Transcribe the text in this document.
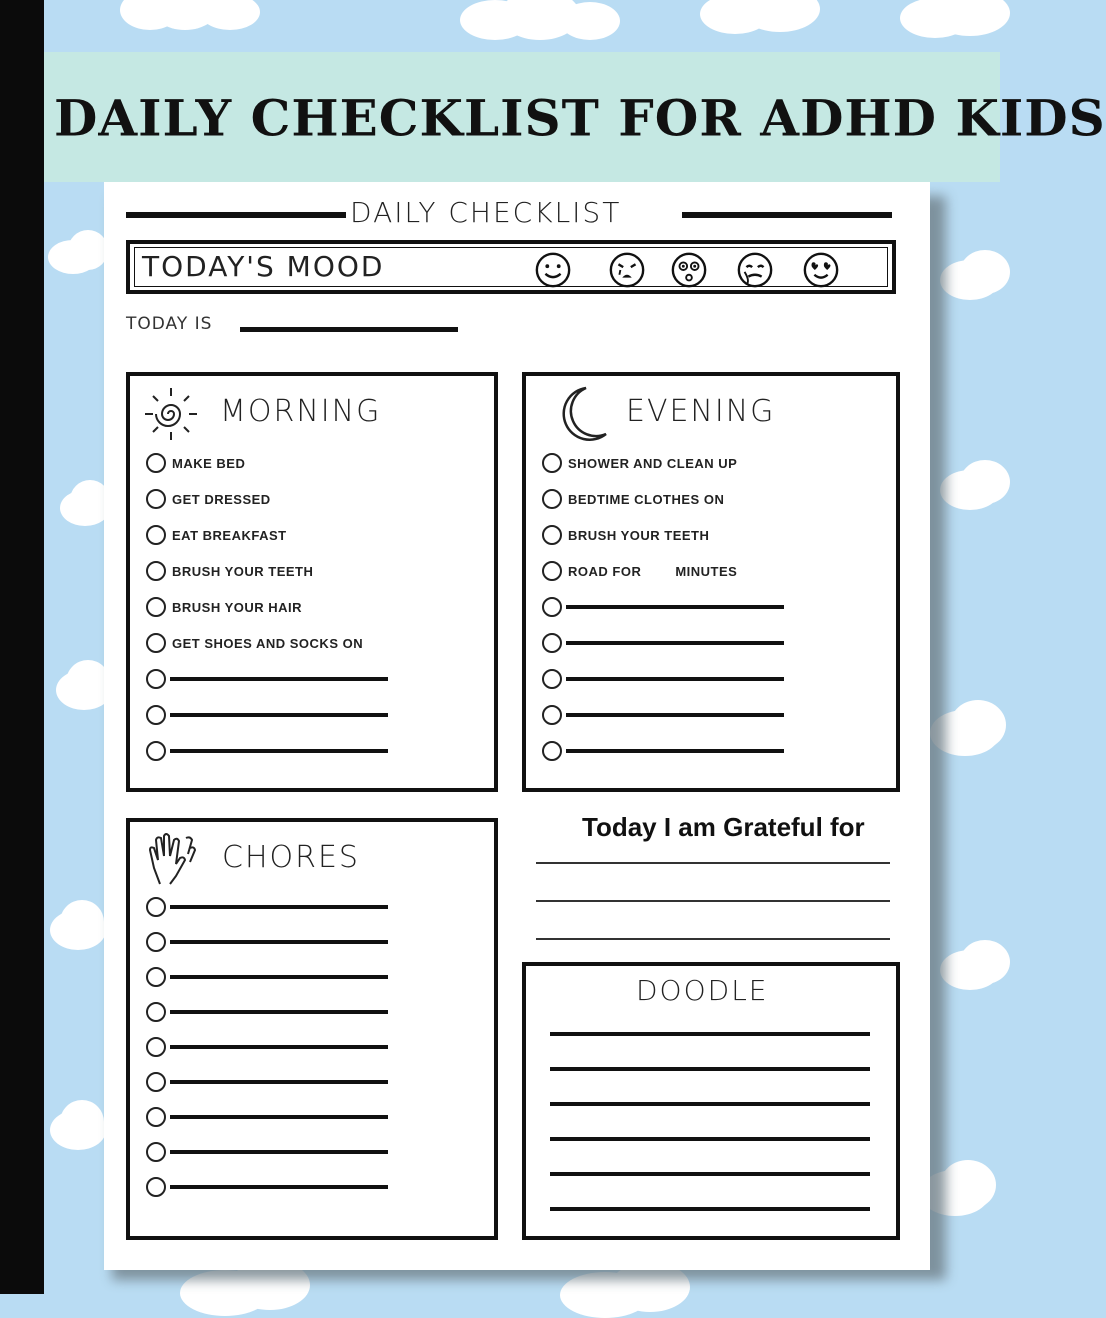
DAILY CHECKLIST FOR ADHD KIDS
DAILY CHECKLIST
TODAY'S MOOD
TODAY IS
MORNING
MAKE BED
GET DRESSED
EAT BREAKFAST
BRUSH YOUR TEETH
BRUSH YOUR HAIR
GET SHOES AND SOCKS ON
EVENING
SHOWER AND CLEAN UP
BEDTIME CLOTHES ON
BRUSH YOUR TEETH
ROAD FOR	MINUTES
CHORES
Today I am Grateful for
DOODLE
